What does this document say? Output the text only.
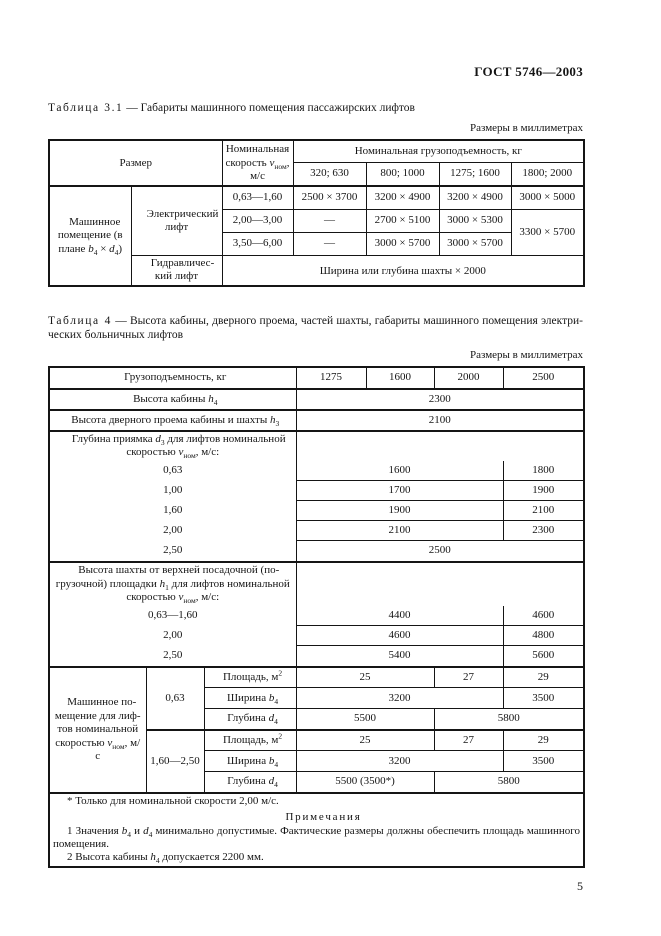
ГОСТ 5746—2003
Таблица 3.1 — Габариты машинного помещения пассажирских лифтов
Размеры в миллиметрах
Размер		Номинальная скорость $v_{ном}$, м/с	Номинальная грузоподъемность, кг			
			320; 630	800; 1000	1275; 1600	1800; 2000
Машинное помещение (в плане $b_4 \times d_4$)	Электрический лифт	0,63—1,60	2500 × 3700	3200 × 4900	3200 × 4900	3000 × 5000
		2,00—3,00	—	2700 × 5100	3000 × 5300	3300 × 5700
		3,50—6,00	—	3000 × 5700	3000 × 5700	
	Гидравлический лифт	Ширина или глубина шахты × 2000				
Таблица 4 — Высота кабины, дверного проема, частей шахты, габариты машинного помещения электрических больничных лифтов
Размеры в миллиметрах
Грузоподъемность, кг			1275	1600	2000	2500
Высота кабины $h_4$			2300			
Высота дверного проема кабины и шахты $h_3$			2100			
Глубина приямка $d_3$ для лифтов номинальной скоростью $v_{ном}$, м/с:						
0,63			1600			1800
1,00			1700			1900
1,60			1900			2100
2,00			2100			2300
2,50			2500			
Высота шахты от верхней посадочной (погрузочной) площадки $h_1$ для лифтов номинальной скоростью $v_{ном}$, м/с:						
0,63—1,60			4400			4600
2,00			4600			4800
2,50			5400			5600
Машинное помещение для лифтов номинальной скоростью $v_{ном}$, м/с	0,63	Площадь, $м^2$	25		27	29
		Ширина $b_4$	3200			3500
		Глубина $d_4$	5500		5800	
	1,60—2,50	Площадь, $м^2$	25		27	29
		Ширина $b_4$	3200			3500
		Глубина $d_4$	5500 (3500*)		5800	

* Только для номинальной скорости 2,00 м/с.
Примечания
1 Значения $b_4$ и $d_4$ минимально допустимые. Фактические размеры должны обеспечить площадь машинного помещения.
2 Высота кабины $h_4$ допускается 2200 мм.						
5
